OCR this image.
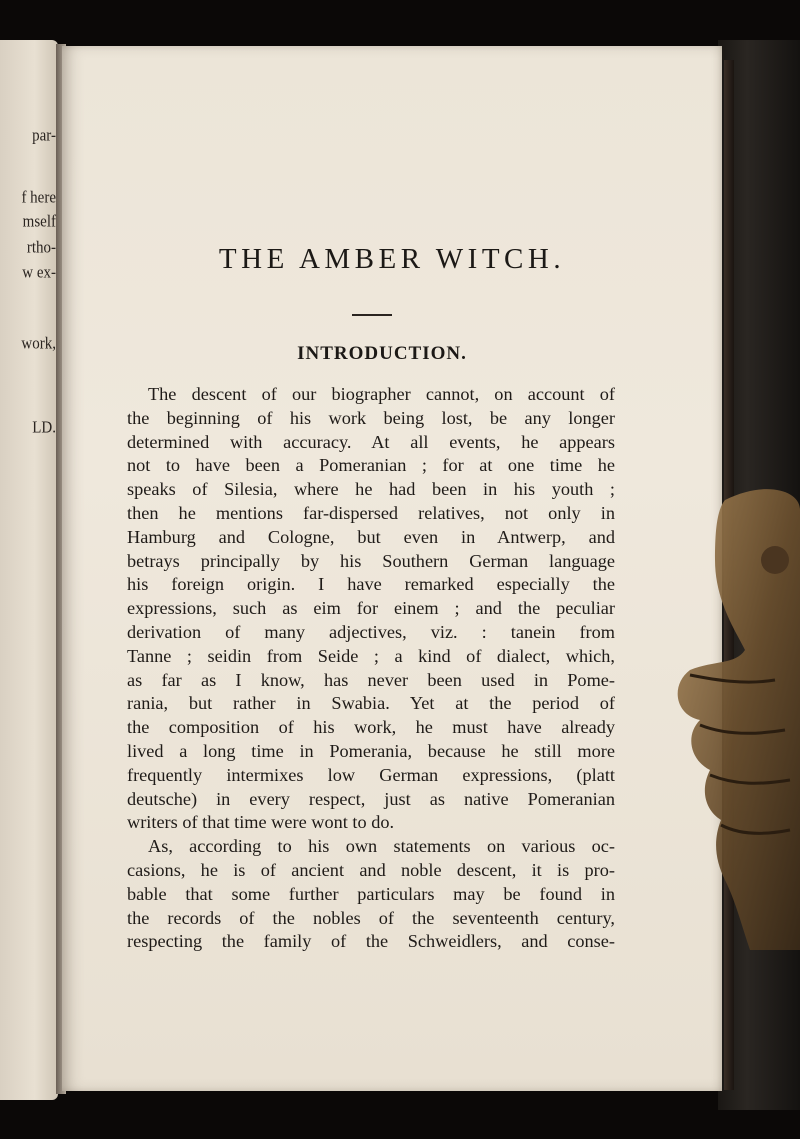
par-
f here
mself
rtho-
w ex-
work,
LD.
THE AMBER WITCH.
INTRODUCTION.
The descent of our biographer cannot, on account of
the beginning of his work being lost, be any longer
determined with accuracy. At all events, he appears
not to have been a Pomeranian ; for at one time he
speaks of Silesia, where he had been in his youth ;
then he mentions far-dispersed relatives, not only in
Hamburg and Cologne, but even in Antwerp, and
betrays principally by his Southern German language
his foreign origin. I have remarked especially the
expressions, such as eim for einem ; and the peculiar
derivation of many adjectives, viz. : tanein from
Tanne ; seidin from Seide ; a kind of dialect, which,
as far as I know, has never been used in Pome-
rania, but rather in Swabia. Yet at the period of
the composition of his work, he must have already
lived a long time in Pomerania, because he still more
frequently intermixes low German expressions, (platt
deutsche) in every respect, just as native Pomeranian
writers of that time were wont to do.
As, according to his own statements on various oc-
casions, he is of ancient and noble descent, it is pro-
bable that some further particulars may be found in
the records of the nobles of the seventeenth century,
respecting the family of the Schweidlers, and conse-
